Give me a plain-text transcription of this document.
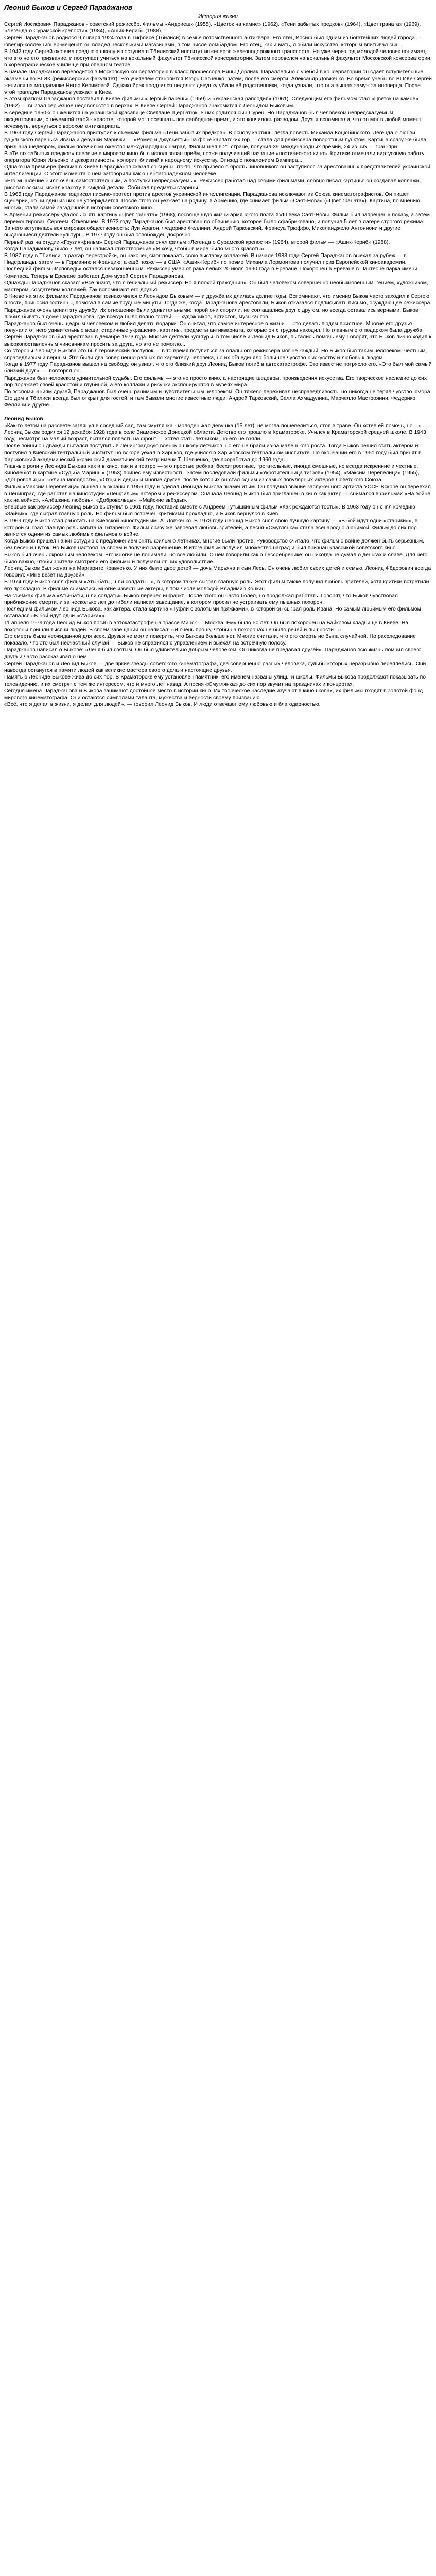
Леонид Быков и Сергей Параджанов
История жизни

Сергей Иосифович Параджанов - советский режиссёр. Фильмы «Андриеш» (1955), «Цветок на камне» (1962), «Тени забытых предков» (1964), «Цвет граната» (1969), «Легенда о Сурамской крепости» (1984), «Ашик-Кериб» (1988).

Сергей Параджанов родился 9 января 1924 года в Тифлисе (Тбилиси) в семье потомственного антиквара. Его отец Иосиф был одним из богатейших людей города — ювелир-коллекционер-меценат, он владел несколькими магазинами, в том числе ломбардом. Его отец, как и мать, любили искусство, которым впитывал сын...

В 1942 году Сергей окончил среднюю школу и поступил в Тбилисский институт инженеров железнодорожного транспорта. Но уже через год молодой человек понимает, что это не его призвание, и поступает учиться на вокальный факультет Тбилисской консерватории. Затем перевелся на вокальный факультет Московской консерватории, в хореографическое училище при оперном театре.

В начале Параджанов переводится в Московскую консерваторию в класс профессора Нины Дорлиак. Параллельно с учебой в консерватории он сдает вступительные экзамены во ВГИК (режиссерский факультет). Его учителем становится Игорь Савченко, затем, после его смерти, Александр Довженко. Во время учебы во ВГИКе Сергей женился на молдаванке Нигяр Керимовой. Однако брак продлился недолго: девушку убили её родственники, когда узнали, что она вышла замуж за иноверца. После этой трагедии Параджанов уезжает в Киев.

В этом кратком Параджанов поставил в Киеве фильмы «Первый парень» (1959) и «Украинская рапсодия» (1961). Следующим его фильмом стал «Цветок на камне» (1962) — вызвал серьезное недовольство в верхах. В Киеве Сергей Параджанов знакомится с Леонидом Быковым.

В середине 1950-х он женится на украинской красавице Светлане Щербатюк. У них родился сын Сурен. Но Параджанов был человеком непредсказуемым, эксцентричным, с неуемной тягой к красоте, которой мог посвящать все свободное время, и это кончилось разводом. Друзья вспоминали, что он мог в любой момент исчезнуть, вернуться с ворохом антиквариата.

В 1963 году Сергей Параджанов приступил к съёмкам фильма «Тени забытых предков». В основу картины легла повесть Михаила Коцюбинского. Легенда о любви гуцульского паренька Ивана и девушки Марички — «Ромео и Джульетты» на фоне карпатских гор — стала для режиссёра поворотным пунктом. Картина сразу же была признана шедевром, фильм получил множество международных наград. Фильм шел в 21 стране, получил 39 международных премий, 24 из них — гран-при.

В «Тенях забытых предков» впервые в мировом кино был использован приём, позже получивший название «поэтического кино». Критики отмечали виртуозную работу оператора Юрия Ильенко и декоративность, колорит, близкий к народному искусству. Эпизод с появлением Вампира...

Однако на премьере фильма в Киеве Параджанов сказал со сцены что-то, что привело в ярость чиновников: он заступился за арестованных представителей украинской интеллигенции. С этого момента о нём заговорили как о неблагонадёжном человеке.

«Его мышление было очень самостоятельным, а поступки непредсказуемы». Режиссёр работал над своими фильмами, словно писал картины: он создавал коллажи, рисовал эскизы, искал красоту в каждой детали. Собирал предметы старины...

В 1965 году Параджанов подписал письмо-протест против арестов украинской интеллигенции. Параджанова исключают из Союза кинематографистов. Он пишет сценарии, но ни один из них не утверждается. После этого он уезжает на родину, в Армению, где снимает фильм «Саят-Нова» («Цвет граната»). Картина, по мнению многих, стала самой загадочной в истории советского кино.

В Армении режиссёру удалось снять картину «Цвет граната» (1968), посвящённую жизни армянского поэта XVIII века Саят-Новы. Фильм был запрещён к показу, а затем перемонтирован Сергеем Юткевичем. В 1973 году Параджанов был арестован по обвинению, которое было сфабриковано, и получил 5 лет в лагере строгого режима.

За него вступилась вся мировая общественность: Луи Арагон, Федерико Феллини, Андрей Тарковский, Франсуа Трюффо, Микеланджело Антониони и другие выдающиеся деятели культуры. В 1977 году он был освобождён досрочно.

Первый раз на студии «Грузия-фильм» Сергей Параджанов снял фильм «Легенда о Сурамской крепости» (1984), второй фильм — «Ашик-Кериб» (1988).

Когда Параджанову было 7 лет, он написал стихотворение «Я хочу, чтобы в мире было много красоты» ...

В 1987 году в Тбилиси, в разгар перестройки, он наконец смог показать свою выставку коллажей. В начале 1988 года Сергей Параджанов выехал за рубеж — в Нидерланды, затем — в Германию и Францию, а ещё позже — в США. «Ашик-Кериб» по поэме Михаила Лермонтова получил приз Европейской киноакадемии.

Последний фильм «Исповедь» остался незаконченным. Режиссёр умер от рака лёгких 20 июля 1990 года в Ереване. Похоронен в Ереване в Пантеоне парка имени Комитаса. Теперь в Ереване работает Дом-музей Сергея Параджанова.

Однажды Параджанов сказал: «Все знают, что я гениальный режиссёр. Но я плохой гражданин». Он был человеком совершенно необыкновенным: гением, художником, мастером, создателем коллажей. Так вспоминают его друзья.

В Киеве на этих фильмах Параджанов познакомился с Леонидом Быковым — и дружба их длилась долгие годы. Вспоминают, что именно Быков часто заходил к Сергею в гости, приносил гостинцы, помогал в самые трудные минуты. Тогда же, когда Параджанова арестовали, Быков отказался подписывать письмо, осуждающее режиссёра.

Параджанов очень ценил эту дружбу. Их отношения были удивительными: порой они спорили, не соглашались друг с другом, но всегда оставались верными. Быков любил бывать в доме Параджанова, где всегда было полно гостей, — художников, артистов, музыкантов.

Параджанов был очень щедрым человеком и любил делать подарки. Он считал, что самое интересное в жизни — это делать людям приятное. Многие его друзья получали от него удивительные вещи: старинные украшения, картины, предметы антиквариата, которые он с трудом находил. Но главным его подарком была дружба.

Сергей Параджанов был арестован в декабре 1973 года. Многие деятели культуры, в том числе и Леонид Быков, пытались помочь ему. Говорят, что Быков лично ходил к высокопоставленным чиновникам просить за друга, но это не помогло...

Со стороны Леонида Быкова это был героический поступок — в то время вступиться за опального режиссёра мог не каждый. Но Быков был таким человеком: честным, справедливым и верным. Это были два совершенно разных по характеру человека, но их объединяло большое чувство к искусству и любовь к людям.

Когда в 1977 году Параджанов вышел на свободу, он узнал, что его близкий друг Леонид Быков погиб в автокатастрофе. Это известие потрясло его. «Это был мой самый близкий друг», — повторял он...

Параджанов был человеком удивительной судьбы. Его фильмы — это не просто кино, а настоящие шедевры, произведения искусства. Его творческое наследие до сих пор поражает своей красотой и глубиной, а его коллажи и рисунки экспонируются в музеях мира.

По воспоминаниям друзей, Параджанов был очень ранимым и чувствительным человеком. Он тяжело переживал несправедливость, но никогда не терял чувство юмора. Его дом в Тбилиси всегда был открыт для гостей, и там бывали многие известные люди: Андрей Тарковский, Белла Ахмадулина, Марчелло Мастроянни, Федерико Феллини и другие.

Леонид Быков

«Как-то летом на рассвете заглянул в соседний сад, там смуглянка - молоденькая девушка (15 лет), не могла пошевелиться, стоя в траве. Он хотел ей помочь, но ...» Леонид Быков родился 12 декабря 1928 года в селе Знаменское Донецкой области. Детство его прошло в Краматорске. Учился в Краматорской средней школе. В 1943 году, несмотря на малый возраст, пытался попасть на фронт — хотел стать лётчиком, но его не взяли.

После войны он дважды пытался поступить в Ленинградскую военную школу лётчиков, но его не брали из-за маленького роста. Тогда Быков решил стать актёром и поступил в Киевский театральный институт, но вскоре уехал в Харьков, где учился в Харьковском театральном институте. По окончании его в 1951 году был принят в Харьковский академический украинский драматический театр имени Т. Шевченко, где проработал до 1960 года.

Главные роли у Леонида Быкова как и в кино, так и в театре — это простые ребята, бесхитростные, трогательные, иногда смешные, но всегда искренние и честные. Кинодебют в картине «Судьба Марины» (1953) принёс ему известность. Затем последовали фильмы «Укротительница тигров» (1954), «Максим Перепелица» (1955), «Добровольцы», «Улица молодости», «Отцы и деды» и многие другие, после которых он стал одним из самых популярных актёров Советского Союза.

Фильм «Максим Перепелица» вышел на экраны в 1956 году и сделал Леонида Быкова знаменитым. Он получил звание заслуженного артиста УССР. Вскоре он переехал в Ленинград, где работал на киностудии «Ленфильм» актёром и режиссёром. Сначала Леонид Быков был приглашён в кино как актёр — снимался в фильмах «На войне как на войне», «Алёшкина любовь», «Добровольцы», «Майские звёзды».

Впервые как режиссёр Леонид Быков выступил в 1961 году, поставив вместе с Андреем Тутышкиным фильм «Как рождаются тосты». В 1963 году он снял комедию «Зайчик», где сыграл главную роль. Но фильм был встречен критиками прохладно, и Быков вернулся в Киев.

В 1969 году Быков стал работать на Киевской киностудии им. А. Довженко. В 1973 году Леонид Быков снял свою лучшую картину — «В бой идут одни «старики»», в которой сыграл главную роль капитана Титаренко. Фильм сразу же завоевал любовь зрителей, а песня «Смуглянка» стала всенародно любимой. Фильм до сих пор является одним из самых любимых фильмов о войне.

Когда Быков пришёл на киностудию с предложением снять фильм о лётчиках, многие были против. Руководство считало, что фильм о войне должен быть серьёзным, без песен и шуток. Но Быков настоял на своём и получил разрешение. В итоге фильм получил множество наград и был признан классикой советского кино.

Быков был очень скромным человеком. Его многие не понимали, но все любили. О нём говорили как о бессребренике: он никогда не думал о деньгах и славе. Для него было важно, чтобы зрители смотрели его фильмы и получали от них удовольствие.

Леонид Быков был женат на Маргарите Кравченко. У них было двое детей — дочь Марьяна и сын Лесь. Он очень любил своих детей и семью. Леонид Фёдорович всегда говорил: «Мне везёт на друзей».

В 1974 году Быков снял фильм «Аты-баты, шли солдаты...», в котором также сыграл главную роль. Этот фильм также получил любовь зрителей, хотя критики встретили его прохладно. В фильме снимались многие известные актёры, в том числе молодой Владимир Конкин.

На съёмках фильма «Аты-баты, шли солдаты» Быков перенёс инфаркт. После этого он часто болел, но продолжал работать. Говорят, что Быков чувствовал приближение смерти, и за несколько лет до гибели написал завещание, в котором просил не устраивать ему пышных похорон.

Последним фильмом Леонида Быкова, как актёра, стала картина «Туфли с золотыми пряжками», в которой он сыграл роль Ивана. Но самым любимым его фильмом оставался «В бой идут одни «старики»».

11 апреля 1979 года Леонид Быков погиб в автокатастрофе на трассе Минск — Москва. Ему было 50 лет. Он был похоронен на Байковом кладбище в Киеве. На похороны пришли тысячи людей. В своём завещании он написал: «Я очень прошу, чтобы на похоронах не было речей и пышности...»

Его смерть была неожиданной для всех. Друзья не могли поверить, что Быкова больше нет. Многие считали, что его смерть не была случайной. Но расследование показало, что это был несчастный случай — Быков не справился с управлением и выехал на встречную полосу.

Параджанов написал о Быкове: «Лёня был святым. Он был удивительно добрым человеком. Он никогда не предавал друзей». Параджанов всю жизнь помнил своего друга и часто рассказывал о нём.

Сергей Параджанов и Леонид Быков — две яркие звезды советского кинематографа, два совершенно разных человека, судьбы которых неразрывно переплелись. Они навсегда останутся в памяти людей как великие мастера своего дела и настоящие друзья.

Память о Леониде Быкове жива до сих пор. В Краматорске ему установлен памятник, его именем названы улицы и школы. Фильмы Быкова продолжают показывать по телевидению, и их смотрят с тем же интересом, что и много лет назад. А песня «Смуглянка» до сих пор звучит на праздниках и концертах.

Сегодня имена Параджанова и Быкова занимают достойное место в истории кино. Их творческое наследие изучают в киношколах, их фильмы входят в золотой фонд мирового кинематографа. Они остаются символами таланта, мужества и верности своему призванию.

«Всё, что я делал в жизни, я делал для людей», — говорил Леонид Быков. И люди отвечают ему любовью и благодарностью.
